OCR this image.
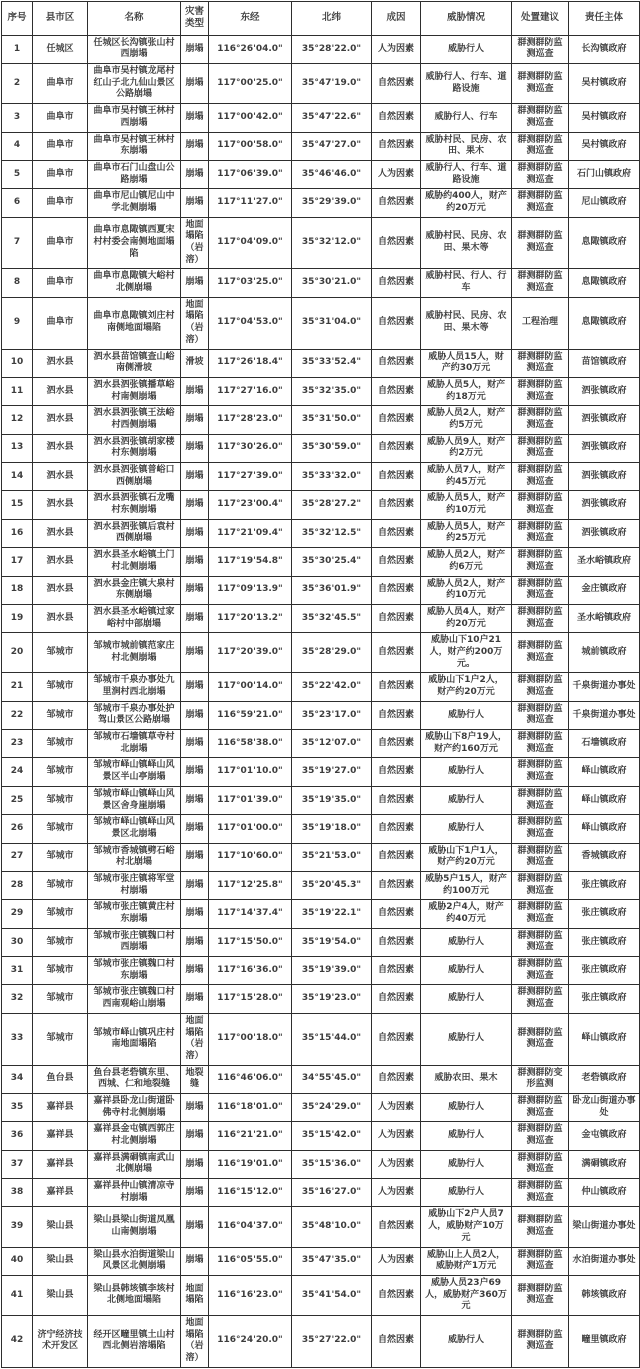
序号	县市区	名称	灾害类型	东经	北纬	成因	威胁情况	处置建议	责任主体
1	任城区	任城区长沟镇张山村西崩塌	崩塌	116°26'04.0"	35°28'22.0"	人为因素	威胁行人	群测群防监测巡查	长沟镇政府
2	曲阜市	曲阜市吴村镇龙尾村红山子北九仙山景区公路崩塌	崩塌	117°00'25.0"	35°47'19.0"	自然因素	威胁行人、行车、道路设施	群测群防监测巡查	吴村镇政府
3	曲阜市	曲阜市吴村镇王林村西崩塌	崩塌	117°00'42.0"	35°47'22.6"	自然因素	威胁行人、行车	群测群防监测巡查	吴村镇政府
4	曲阜市	曲阜市吴村镇王林村东崩塌	崩塌	117°00'58.0"	35°47'27.0"	自然因素	威胁村民、民房、农田、果木	群测群防监测巡查	吴村镇政府
5	曲阜市	曲阜市石门山盘山公路崩塌	崩塌	117°06'39.0"	35°46'46.0"	人为因素	威胁行人、行车、道路设施	群测群防监测巡查	石门山镇政府
6	曲阜市	曲阜市尼山镇尼山中学北侧崩塌	崩塌	117°11'27.0"	35°29'39.0"	自然因素	威胁约400人，财产约20万元	群测群防监测巡查	尼山镇政府
7	曲阜市	曲阜市息陬镇西夏宋村村委会南侧地面塌陷	地面塌陷（岩溶）	117°04'09.0"	35°32'12.0"	自然因素	威胁村民、民房、农田、果木等	群测群防监测巡查	息陬镇政府
8	曲阜市	曲阜市息陬镇大峪村北侧崩塌	崩塌	117°03'25.0"	35°30'21.0"	自然因素	威胁村民、行人、行车	群测群防监测巡查	息陬镇政府
9	曲阜市	曲阜市息陬镇刘庄村南侧地面塌陷	地面塌陷（岩溶）	117°04'53.0"	35°31'04.0"	自然因素	威胁村民、民房、农田、果木等	工程治理	息陬镇政府
10	泗水县	泗水县苗馆镇查山峪南侧滑坡	滑坡	117°26'18.4"	35°33'52.4"	自然因素	威胁人员15人，财产约30万元	群测群防监测巡查	苗馆镇政府
11	泗水县	泗水县泗张镇播草峪村南侧崩塌	崩塌	117°27'16.0"	35°32'35.0"	自然因素	威胁人员5人，财产约18万元	群测群防监测巡查	泗张镇政府
12	泗水县	泗水县泗张镇王法峪村西侧崩塌	崩塌	117°28'23.0"	35°31'50.0"	自然因素	威胁人员2人，财产约5万元	群测群防监测巡查	泗张镇政府
13	泗水县	泗水县泗张镇胡家楼村东侧崩塌	崩塌	117°30'26.0"	35°30'59.0"	自然因素	威胁人员9人，财产约2万元	群测群防监测巡查	泗张镇政府
14	泗水县	泗水县泗张镇普峪口西侧崩塌	崩塌	117°27'39.0"	35°33'32.0"	自然因素	威胁人员7人，财产约45万元	群测群防监测巡查	泗张镇政府
15	泗水县	泗水县泗张镇石龙嘴村东侧崩塌	崩塌	117°23'00.4"	35°28'27.2"	自然因素	威胁人员5人，财产约10万元	群测群防监测巡查	泗张镇政府
16	泗水县	泗水县泗张镇后袁村西侧崩塌	崩塌	117°21'09.4"	35°32'12.5"	自然因素	威胁人员5人，财产约25万元	群测群防监测巡查	泗张镇政府
17	泗水县	泗水县圣水峪镇土门村北侧崩塌	崩塌	117°19'54.8"	35°30'25.4"	自然因素	威胁人员2人，财产约6万元	群测群防监测巡查	圣水峪镇政府
18	泗水县	泗水县金庄镇大泉村东侧崩塌	崩塌	117°09'13.9"	35°36'01.9"	自然因素	威胁人员2人，财产约10万元	群测群防监测巡查	金庄镇政府
19	泗水县	泗水县圣水峪镇过家峪村中部崩塌	崩塌	117°20'13.2"	35°32'45.5"	自然因素	威胁人员4人，财产约20万元	群测群防监测巡查	圣水峪镇政府
20	邹城市	邹城市城前镇范家庄村北侧崩塌	崩塌	117°20'39.0"	35°28'29.0"	自然因素	威胁山下10户21人，财产约200万元。	群测群防监测巡查	城前镇政府
21	邹城市	邹城市千泉办事处九里涧村西北崩塌	崩塌	117°00'14.0"	35°22'42.0"	自然因素	威胁山下1户2人，财产约20万元	群测群防监测巡查	千泉街道办事处
22	邹城市	邹城市千泉办事处护驾山景区公路崩塌	崩塌	116°59'21.0"	35°23'17.0"	自然因素	威胁行人	群测群防监测巡查	千泉街道办事处
23	邹城市	邹城市石墙镇草寺村北崩塌	崩塌	116°58'38.0"	35°12'07.0"	自然因素	威胁山下8户19人，财产约160万元	群测群防监测巡查	石墙镇政府
24	邹城市	邹城市峄山镇峄山风景区半山亭崩塌	崩塌	117°01'10.0"	35°19'27.0"	自然因素	威胁行人	群测群防监测巡查	峄山镇政府
25	邹城市	邹城市峄山镇峄山风景区舍身崖崩塌	崩塌	117°01'39.0"	35°19'35.0"	自然因素	威胁行人	群测群防监测巡查	峄山镇政府
26	邹城市	邹城市峄山镇峄山风景区北崩塌	崩塌	117°01'00.0"	35°19'18.0"	自然因素	威胁行人	群测群防监测巡查	峄山镇政府
27	邹城市	邹城市香城镇劈石峪村北崩塌	崩塌	117°10'60.0"	35°21'53.0"	自然因素	威胁山下1户1人，财产约20万元	群测群防监测巡查	香城镇政府
28	邹城市	邹城市张庄镇将军堂村崩塌	崩塌	117°12'25.8"	35°20'45.3"	自然因素	威胁5户15人，财产约100万元	群测群防监测巡查	张庄镇政府
29	邹城市	邹城市张庄镇黄庄村东崩塌	崩塌	117°14'37.4"	35°19'22.1"	自然因素	威胁2户4人，财产约40万元	群测群防监测巡查	张庄镇政府
30	邹城市	邹城市张庄镇魏口村西崩塌	崩塌	117°15'50.0"	35°19'54.0"	自然因素	威胁行人	群测群防监测巡查	张庄镇政府
31	邹城市	邹城市张庄镇魏口村东崩塌	崩塌	117°16'36.0"	35°19'39.0"	自然因素	威胁行人	群测群防监测巡查	张庄镇政府
32	邹城市	邹城市张庄镇魏口村西南观峪山崩塌	崩塌	117°15'28.0"	35°19'23.0"	自然因素	威胁行人	群测群防监测巡查	张庄镇政府
33	邹城市	邹城市峄山镇巩庄村南地面塌陷	地面塌陷（岩溶）	117°00'18.0"	35°15'44.0"	自然因素	威胁行人	群测群防监测巡查	峄山镇政府
34	鱼台县	鱼台县老砦镇东里、西城、仁和地裂缝	地裂缝	116°46'06.0"	34°55'45.0"	自然因素	威胁农田、果木	群测群防变形监测	老砦镇政府
35	嘉祥县	嘉祥县卧龙山街道卧佛寺村北侧崩塌	崩塌	116°18'01.0"	35°24'29.0"	人为因素	威胁行人	群测群防监测巡查	卧龙山街道办事处
36	嘉祥县	嘉祥县金屯镇西郭庄村北侧崩塌	崩塌	116°21'21.0"	35°15'42.0"	人为因素	威胁行人	群测群防监测巡查	金屯镇政府
37	嘉祥县	嘉祥县满硐镇南武山北侧崩塌	崩塌	116°19'01.0"	35°15'36.0"	人为因素	威胁行人	群测群防监测巡查	满硐镇政府
38	嘉祥县	嘉祥县仲山镇清凉寺村崩塌	崩塌	116°15'12.0"	35°16'27.0"	人为因素	威胁行人	群测群防监测巡查	仲山镇政府
39	梁山县	梁山县梁山街道凤凰山南侧崩塌	崩塌	116°04'37.0"	35°48'10.0"	自然因素	威胁山下2户人员7人，威胁财产10万元	群测群防监测巡查	梁山街道办事处
40	梁山县	梁山县水泊街道梁山风景区北侧崩塌	崩塌	116°05'55.0"	35°47'35.0"	人为因素	威胁山上人员2人，威胁财产1万元	群测群防监测巡查	水泊街道办事处
41	梁山县	梁山县韩垓镇李垓村北侧地面塌陷	地面塌陷	116°16'23.0"	35°41'54.0"	自然因素	威胁人员23户69人，威胁财产360万元	群测群防监测巡查	韩垓镇政府
42	济宁经济技术开发区	经开区疃里镇土山村西北侧岩溶塌陷	地面塌陷（岩溶）	116°24'20.0"	35°27'22.0"	自然因素	威胁行人	群测群防监测巡查	疃里镇政府
